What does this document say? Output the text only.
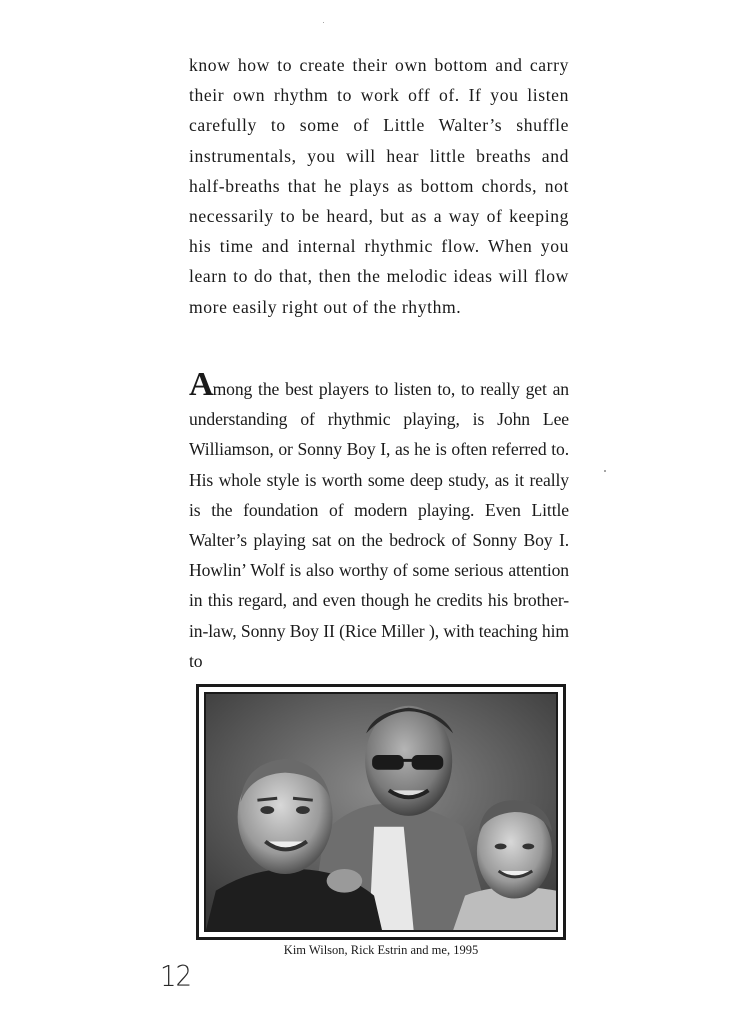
know how to create their own bottom and carry their own rhythm to work off of. If you listen carefully to some of Little Walter’s shuffle instrumentals, you will hear little breaths and half-breaths that he plays as bottom chords, not necessarily to be heard, but as a way of keeping his time and internal rhythmic flow. When you learn to do that, then the melodic ideas will flow more easily right out of the rhythm.

Among the best players to listen to, to really get an understanding of rhythmic playing, is John Lee Williamson, or Sonny Boy I, as he is often referred to. His whole style is worth some deep study, as it really is the foundation of modern playing. Even Little Walter’s playing sat on the bedrock of Sonny Boy I. Howlin’ Wolf is also worthy of some serious attention in this regard, and even though he credits his brother-in-law, Sonny Boy II (Rice Miller ), with teaching him to

Kim Wilson, Rick Estrin and me, 1995
12
